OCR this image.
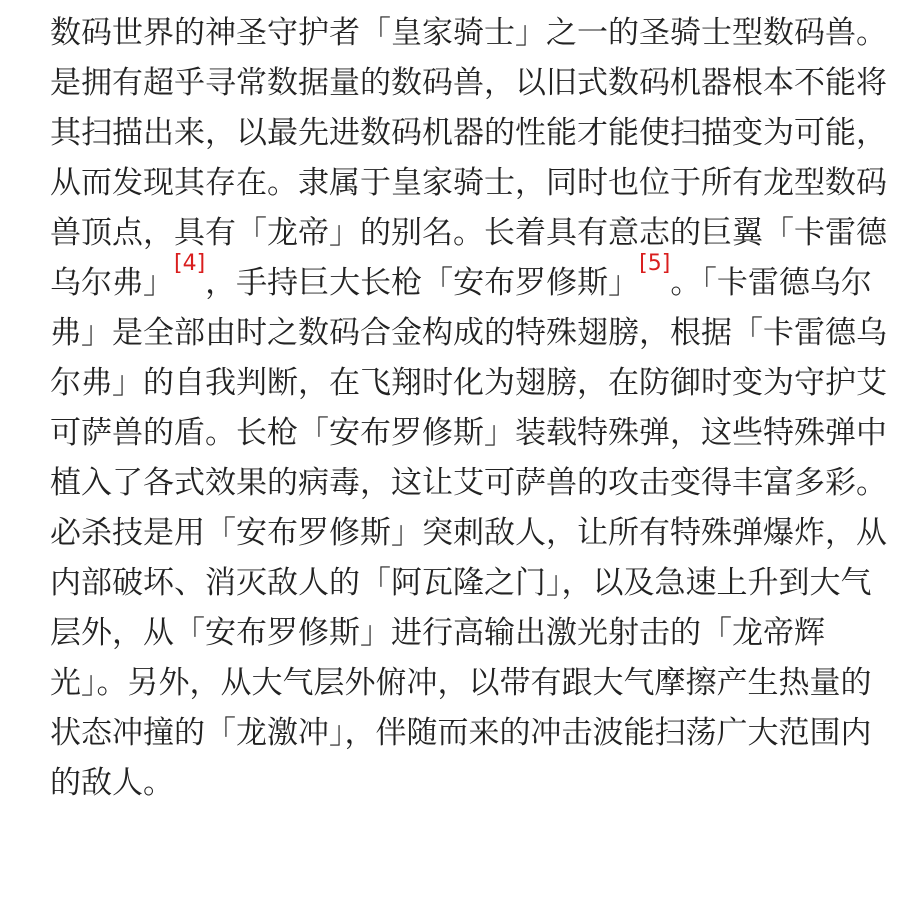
数码世界的神圣守护者「皇家骑士」之一的圣骑士型数码兽。
是拥有超乎寻常数据量的数码兽，以旧式数码机器根本不能将
其扫描出来，以最先进数码机器的性能才能使扫描变为可能，
从而发现其存在。隶属于皇家骑士，同时也位于所有龙型数码
兽顶点，具有「龙帝」的别名。长着具有意志的巨翼「卡雷德
乌尔弗」[4]，手持巨大长枪「安布罗修斯」[5]。「卡雷德乌尔
弗」是全部由时之数码合金构成的特殊翅膀，根据「卡雷德乌
尔弗」的自我判断，在飞翔时化为翅膀，在防御时变为守护艾
可萨兽的盾。长枪「安布罗修斯」装载特殊弹，这些特殊弹中
植入了各式效果的病毒，这让艾可萨兽的攻击变得丰富多彩。
必杀技是用「安布罗修斯」突刺敌人，让所有特殊弹爆炸，从
内部破坏、消灭敌人的「阿瓦隆之门」，以及急速上升到大气
层外，从「安布罗修斯」进行高输出激光射击的「龙帝辉
光」。另外，从大气层外俯冲，以带有跟大气摩擦产生热量的
状态冲撞的「龙激冲」，伴随而来的冲击波能扫荡广大范围内
的敌人。
